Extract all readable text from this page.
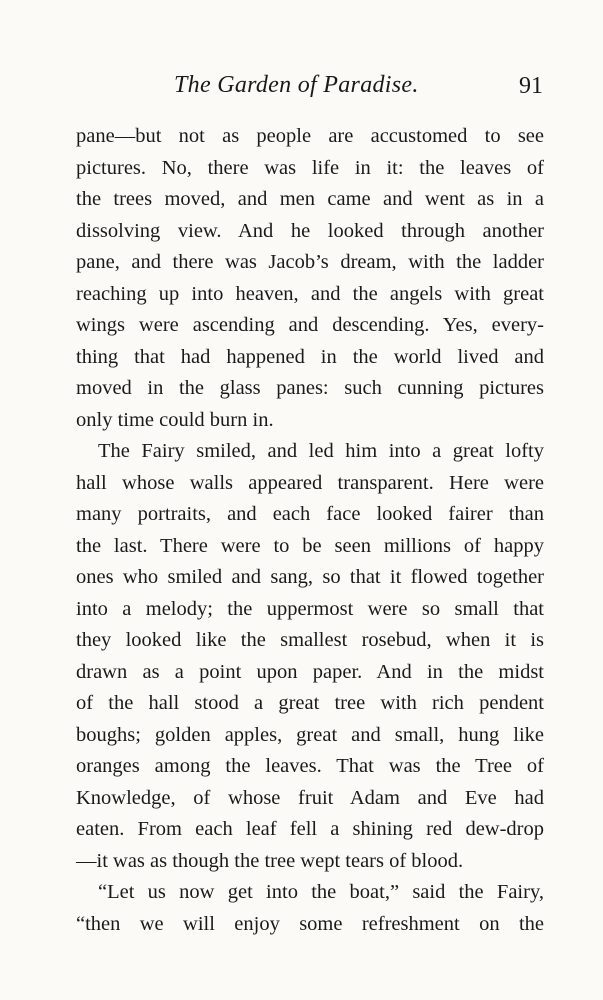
The Garden of Paradise.	91
pane—but not as people are accustomed to see
pictures. No, there was life in it: the leaves of
the trees moved, and men came and went as in a
dissolving view. And he looked through another
pane, and there was Jacob’s dream, with the ladder
reaching up into heaven, and the angels with great
wings were ascending and descending. Yes, every-
thing that had happened in the world lived and
moved in the glass panes: such cunning pictures
only time could burn in.
The Fairy smiled, and led him into a great lofty
hall whose walls appeared transparent. Here were
many portraits, and each face looked fairer than
the last. There were to be seen millions of happy
ones who smiled and sang, so that it flowed together
into a melody; the uppermost were so small that
they looked like the smallest rosebud, when it is
drawn as a point upon paper. And in the midst
of the hall stood a great tree with rich pendent
boughs; golden apples, great and small, hung like
oranges among the leaves. That was the Tree of
Knowledge, of whose fruit Adam and Eve had
eaten. From each leaf fell a shining red dew-drop
—it was as though the tree wept tears of blood.
“Let us now get into the boat,” said the Fairy,
“then we will enjoy some refreshment on the
